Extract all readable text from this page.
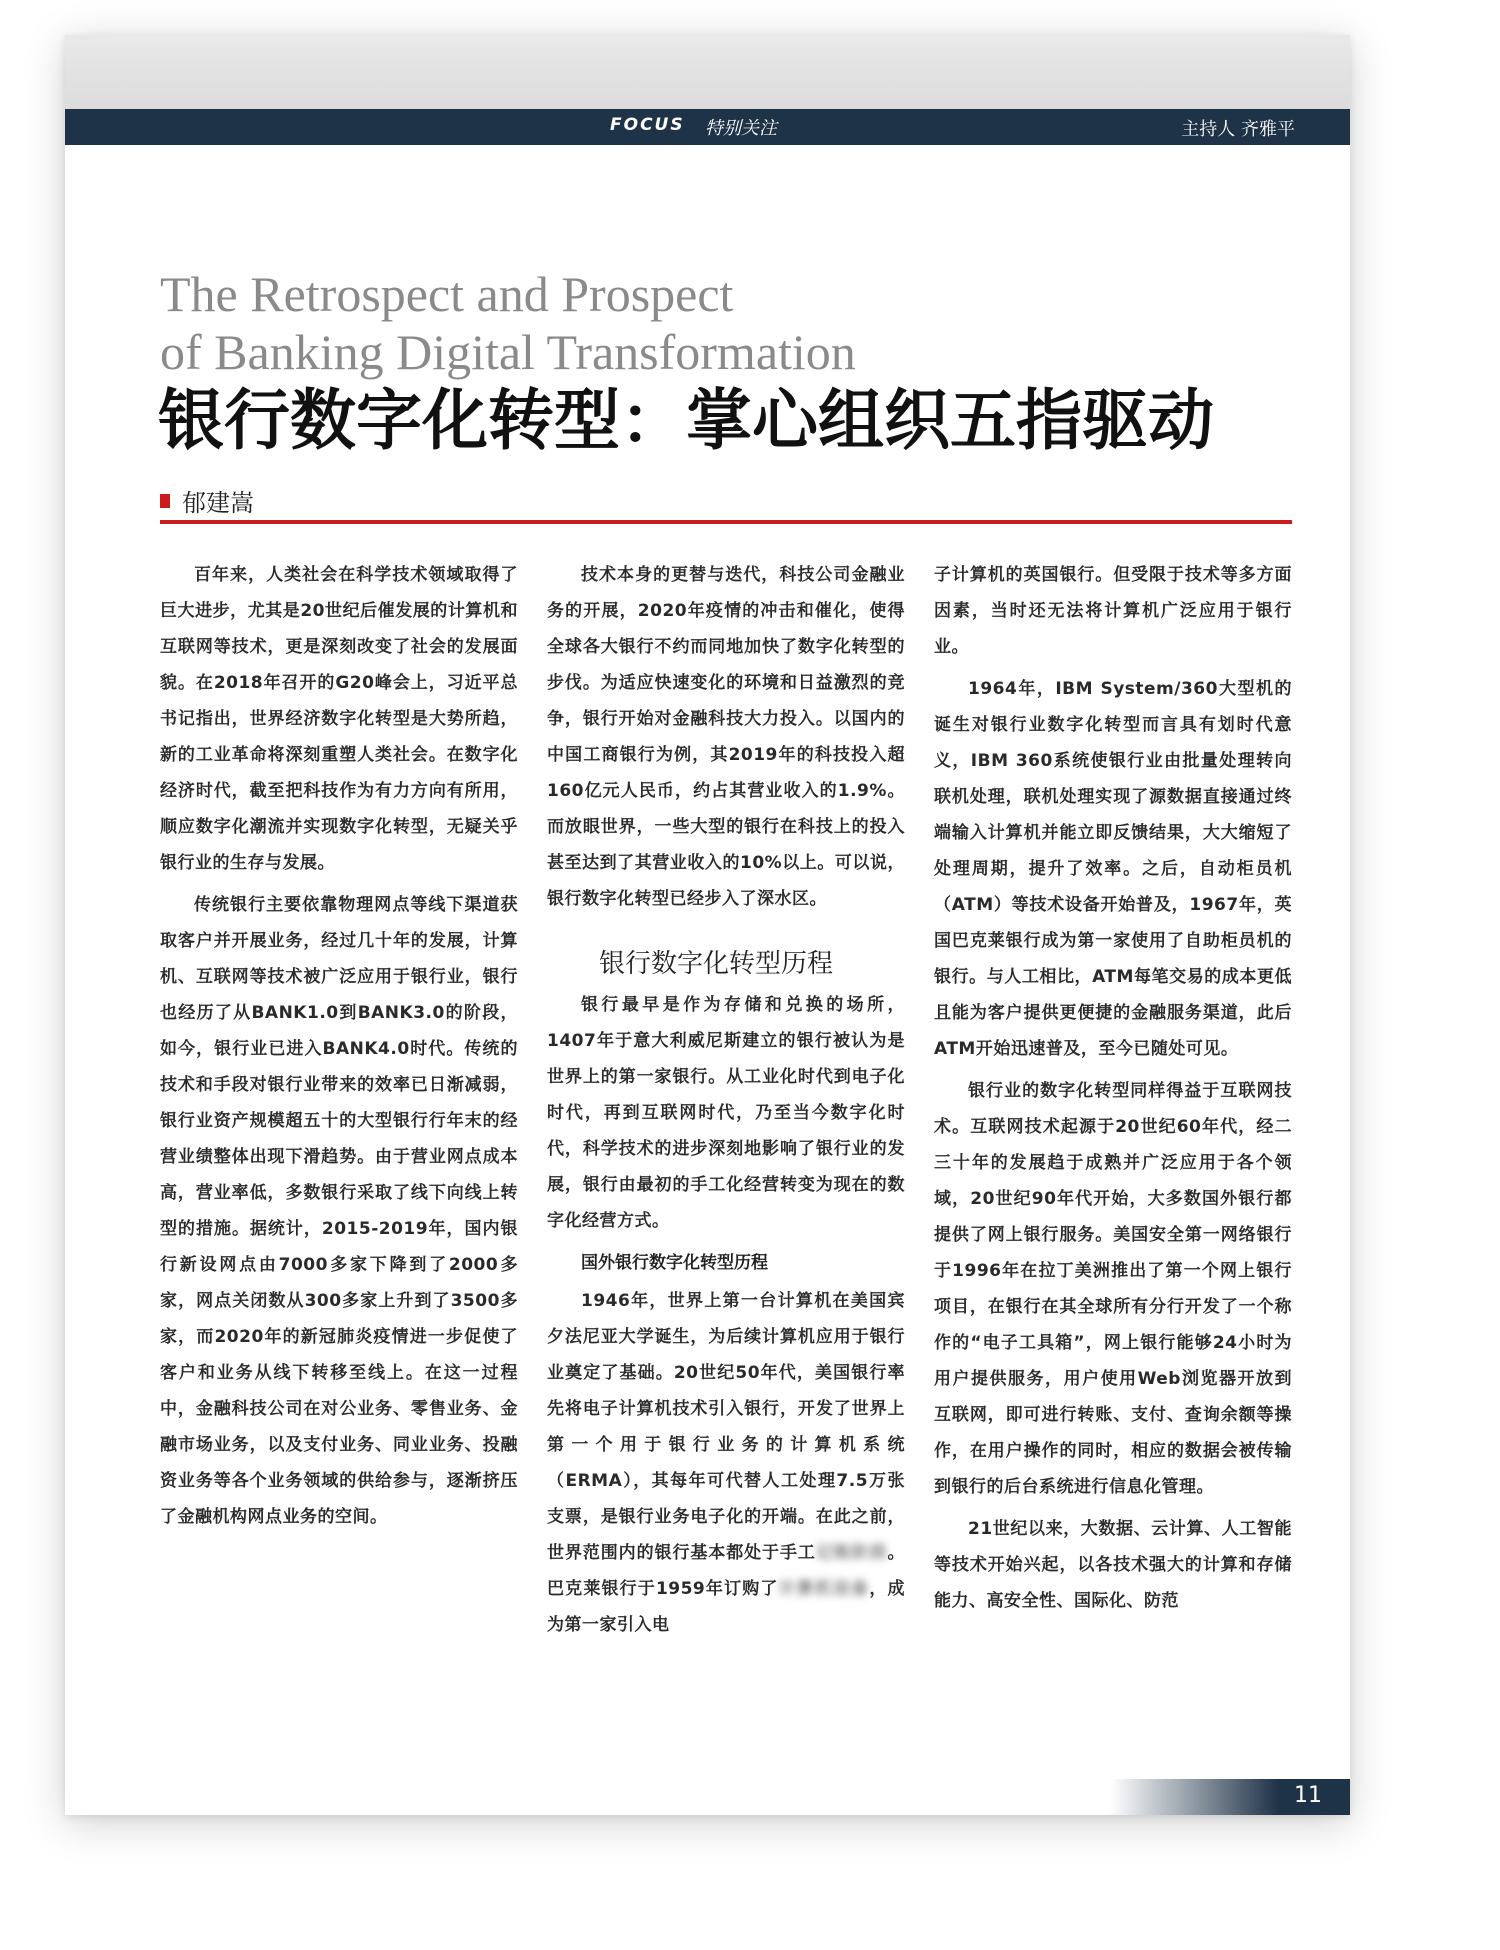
FOCUS 特别关注	主持人 齐雅平
The Retrospect and Prospect
of Banking Digital Transformation
银行数字化转型：掌心组织五指驱动
郁建嵩

百年来，人类社会在科学技术领域取得了巨大进步，尤其是20世纪后催发展的计算机和互联网等技术，更是深刻改变了社会的发展面貌。在2018年召开的G20峰会上，习近平总书记指出，世界经济数字化转型是大势所趋，新的工业革命将深刻重塑人类社会。在数字化经济时代，截至把科技作为有力方向有所用，顺应数字化潮流并实现数字化转型，无疑关乎银行业的生存与发展。

传统银行主要依靠物理网点等线下渠道获取客户并开展业务，经过几十年的发展，计算机、互联网等技术被广泛应用于银行业，银行也经历了从BANK1.0到BANK3.0的阶段，如今，银行业已进入BANK4.0时代。传统的技术和手段对银行业带来的效率已日渐减弱，银行业资产规模超五十的大型银行行年末的经营业绩整体出现下滑趋势。由于营业网点成本高，营业率低，多数银行采取了线下向线上转型的措施。据统计，2015-2019年，国内银行新设网点由7000多家下降到了2000多家，网点关闭数从300多家上升到了3500多家，而2020年的新冠肺炎疫情进一步促使了客户和业务从线下转移至线上。在这一过程中，金融科技公司在对公业务、零售业务、金融市场业务，以及支付业务、同业业务、投融资业务等各个业务领域的供给参与，逐渐挤压了金融机构网点业务的空间。

技术本身的更替与迭代，科技公司金融业务的开展，2020年疫情的冲击和催化，使得全球各大银行不约而同地加快了数字化转型的步伐。为适应快速变化的环境和日益激烈的竞争，银行开始对金融科技大力投入。以国内的中国工商银行为例，其2019年的科技投入超160亿元人民币，约占其营业收入的1.9%。而放眼世界，一些大型的银行在科技上的投入甚至达到了其营业收入的10%以上。可以说，银行数字化转型已经步入了深水区。

银行数字化转型历程

银行最早是作为存储和兑换的场所，1407年于意大利威尼斯建立的银行被认为是世界上的第一家银行。从工业化时代到电子化时代，再到互联网时代，乃至当今数字化时代，科学技术的进步深刻地影响了银行业的发展，银行由最初的手工化经营转变为现在的数字化经营方式。

国外银行数字化转型历程

1946年，世界上第一台计算机在美国宾夕法尼亚大学诞生，为后续计算机应用于银行业奠定了基础。20世纪50年代，美国银行率先将电子计算机技术引入银行，开发了世界上第一个用于银行业务的计算机系统（ERMA），其每年可代替人工处理7.5万张支票，是银行业务电子化的开端。在此之前，世界范围内的银行基本都处于手工记账阶段。巴克莱银行于1959年订购了计算机设备，成为第一家引入电

子计算机的英国银行。但受限于技术等多方面因素，当时还无法将计算机广泛应用于银行业。

1964年，IBM System/360大型机的诞生对银行业数字化转型而言具有划时代意义，IBM 360系统使银行业由批量处理转向联机处理，联机处理实现了源数据直接通过终端输入计算机并能立即反馈结果，大大缩短了处理周期，提升了效率。之后，自动柜员机（ATM）等技术设备开始普及，1967年，英国巴克莱银行成为第一家使用了自助柜员机的银行。与人工相比，ATM每笔交易的成本更低且能为客户提供更便捷的金融服务渠道，此后ATM开始迅速普及，至今已随处可见。

银行业的数字化转型同样得益于互联网技术。互联网技术起源于20世纪60年代，经二三十年的发展趋于成熟并广泛应用于各个领域，20世纪90年代开始，大多数国外银行都提供了网上银行服务。美国安全第一网络银行于1996年在拉丁美洲推出了第一个网上银行项目，在银行在其全球所有分行开发了一个称作的“电子工具箱”，网上银行能够24小时为用户提供服务，用户使用Web浏览器开放到互联网，即可进行转账、支付、查询余额等操作，在用户操作的同时，相应的数据会被传输到银行的后台系统进行信息化管理。

21世纪以来，大数据、云计算、人工智能等技术开始兴起，以各技术强大的计算和存储能力、高安全性、国际化、防范

11
